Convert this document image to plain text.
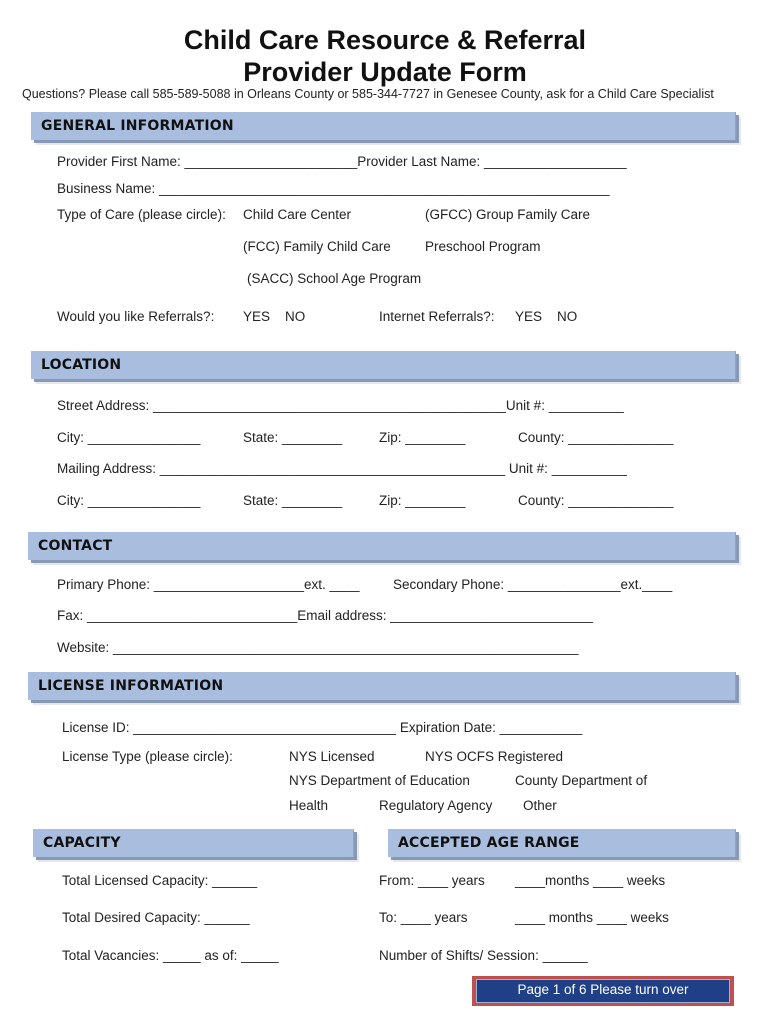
Child Care Resource & Referral
Provider Update Form
Questions? Please call 585-589-5088 in Orleans County or 585-344-7727 in Genesee County, ask for a Child Care Specialist
GENERAL INFORMATION
Provider First Name: _______________________Provider Last Name: ___________________
Business Name: ____________________________________________________________
Type of Care (please circle): Child Care Center	(GFCC) Group Family Care
(FCC) Family Child Care	Preschool Program
(SACC) School Age Program
Would you like Referrals?: YES    NO	Internet Referrals?: YES    NO
LOCATION
Street Address: _______________________________________________Unit #: __________
City: _______________	State: ________	Zip: ________	County: ______________
Mailing Address: ______________________________________________ Unit #: __________
City: _______________	State: ________	Zip: ________	County: ______________
CONTACT
Primary Phone: ____________________ext. ____ Secondary Phone: _______________ext.____
Fax: ____________________________Email address: ___________________________
Website: ______________________________________________________________
LICENSE INFORMATION
License ID: ___________________________________ Expiration Date: ___________
License Type (please circle):	NYS Licensed	NYS OCFS Registered
NYS Department of Education	County Department of
Health	Regulatory Agency Other
CAPACITY
Total Licensed Capacity: ______
Total Desired Capacity: ______
Total Vacancies: _____ as of: _____
ACCEPTED AGE RANGE
From: ____ years ____months ____ weeks
To: ____ years	____ months ____ weeks
Number of Shifts/ Session: ______
Page 1 of 6 Please turn over
